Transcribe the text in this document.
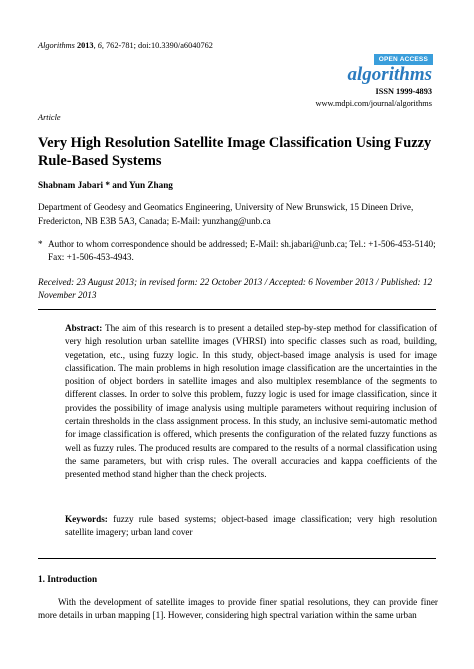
Algorithms 2013, 6, 762-781; doi:10.3390/a6040762
OPEN ACCESS
algorithms
ISSN 1999-4893
www.mdpi.com/journal/algorithms
Article
Very High Resolution Satellite Image Classification Using Fuzzy Rule-Based Systems
Shabnam Jabari * and Yun Zhang
Department of Geodesy and Geomatics Engineering, University of New Brunswick, 15 Dineen Drive, Fredericton, NB E3B 5A3, Canada; E-Mail: yunzhang@unb.ca
* Author to whom correspondence should be addressed; E-Mail: sh.jabari@unb.ca; Tel.: +1-506-453-5140; Fax: +1-506-453-4943.
Received: 23 August 2013; in revised form: 22 October 2013 / Accepted: 6 November 2013 / Published: 12 November 2013
Abstract: The aim of this research is to present a detailed step-by-step method for classification of very high resolution urban satellite images (VHRSI) into specific classes such as road, building, vegetation, etc., using fuzzy logic. In this study, object-based image analysis is used for image classification. The main problems in high resolution image classification are the uncertainties in the position of object borders in satellite images and also multiplex resemblance of the segments to different classes. In order to solve this problem, fuzzy logic is used for image classification, since it provides the possibility of image analysis using multiple parameters without requiring inclusion of certain thresholds in the class assignment process. In this study, an inclusive semi-automatic method for image classification is offered, which presents the configuration of the related fuzzy functions as well as fuzzy rules. The produced results are compared to the results of a normal classification using the same parameters, but with crisp rules. The overall accuracies and kappa coefficients of the presented method stand higher than the check projects.
Keywords: fuzzy rule based systems; object-based image classification; very high resolution satellite imagery; urban land cover
1. Introduction
With the development of satellite images to provide finer spatial resolutions, they can provide finer more details in urban mapping [1]. However, considering high spectral variation within the same urban
